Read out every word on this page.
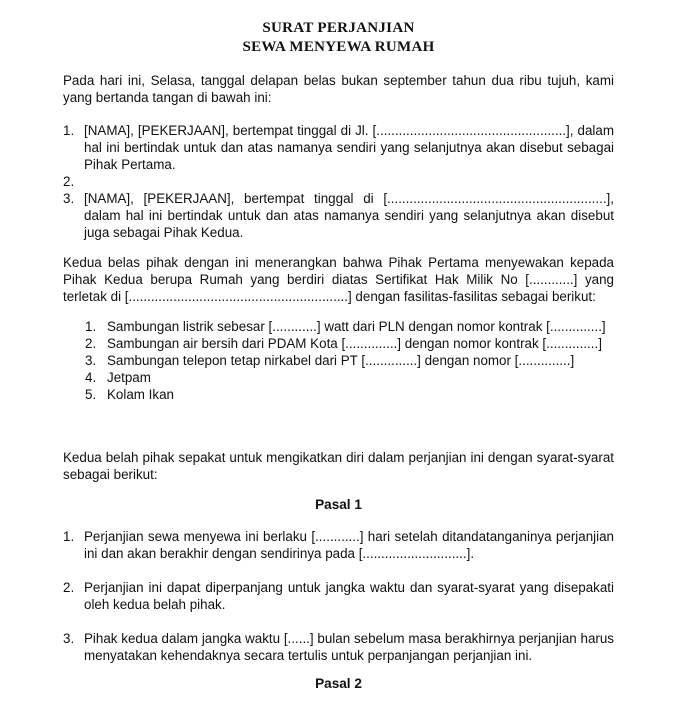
SURAT PERJANJIAN
SEWA MENYEWA RUMAH
Pada hari ini, Selasa, tanggal delapan belas bukan september tahun dua ribu tujuh, kami yang bertanda tangan di bawah ini:
1. [NAMA], [PEKERJAAN], bertempat tinggal di Jl. [...................................................], dalam hal ini bertindak untuk dan atas namanya sendiri yang selanjutnya akan disebut sebagai Pihak Pertama.
2.
3. [NAMA], [PEKERJAAN], bertempat tinggal di [...........................................................], dalam hal ini bertindak untuk dan atas namanya sendiri yang selanjutnya akan disebut juga sebagai Pihak Kedua.
Kedua belas pihak dengan ini menerangkan bahwa Pihak Pertama menyewakan kepada Pihak Kedua berupa Rumah yang berdiri diatas Sertifikat Hak Milik No [............] yang terletak di [...........................................................] dengan fasilitas-fasilitas sebagai berikut:
1. Sambungan listrik sebesar [............] watt dari PLN dengan nomor kontrak [..............]
2. Sambungan air bersih dari PDAM Kota [..............] dengan nomor kontrak [..............]
3. Sambungan telepon tetap nirkabel dari PT [..............] dengan nomor [..............]
4. Jetpam
5. Kolam Ikan
Kedua belah pihak sepakat untuk mengikatkan diri dalam perjanjian ini dengan syarat-syarat sebagai berikut:
Pasal 1
1. Perjanjian sewa menyewa ini berlaku [............] hari setelah ditandatanganinya perjanjian ini dan akan berakhir dengan sendirinya pada [............................].
2. Perjanjian ini dapat diperpanjang untuk jangka waktu dan syarat-syarat yang disepakati oleh kedua belah pihak.
3. Pihak kedua dalam jangka waktu [......] bulan sebelum masa berakhirnya perjanjian harus menyatakan kehendaknya secara tertulis untuk perpanjangan perjanjian ini.
Pasal 2
